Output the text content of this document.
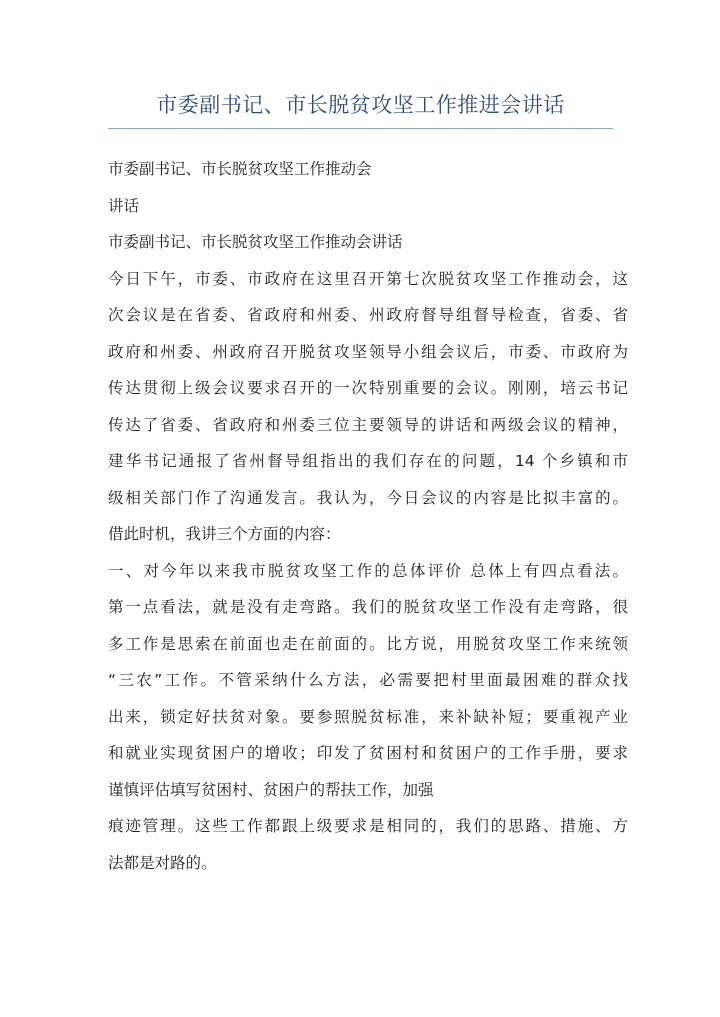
市委副书记、市长脱贫攻坚工作推进会讲话
市委副书记、市长脱贫攻坚工作推动会
讲话
市委副书记、市长脱贫攻坚工作推动会讲话
今日下午，市委、市政府在这里召开第七次脱贫攻坚工作推动会，这
次会议是在省委、省政府和州委、州政府督导组督导检查，省委、省
政府和州委、州政府召开脱贫攻坚领导小组会议后，市委、市政府为
传达贯彻上级会议要求召开的一次特别重要的会议。刚刚，培云书记
传达了省委、省政府和州委三位主要领导的讲话和两级会议的精神，
建华书记通报了省州督导组指出的我们存在的问题，14 个乡镇和市
级相关部门作了沟通发言。我认为，今日会议的内容是比拟丰富的。
借此时机，我讲三个方面的内容：
一、对今年以来我市脱贫攻坚工作的总体评价 总体上有四点看法。
第一点看法，就是没有走弯路。我们的脱贫攻坚工作没有走弯路，很
多工作是思索在前面也走在前面的。比方说，用脱贫攻坚工作来统领
“三农”工作。不管采纳什么方法，必需要把村里面最困难的群众找
出来，锁定好扶贫对象。要参照脱贫标准，来补缺补短；要重视产业
和就业实现贫困户的增收；印发了贫困村和贫困户的工作手册，要求
谨慎评估填写贫困村、贫困户的帮扶工作，加强
痕迹管理。这些工作都跟上级要求是相同的，我们的思路、措施、方
法都是对路的。
